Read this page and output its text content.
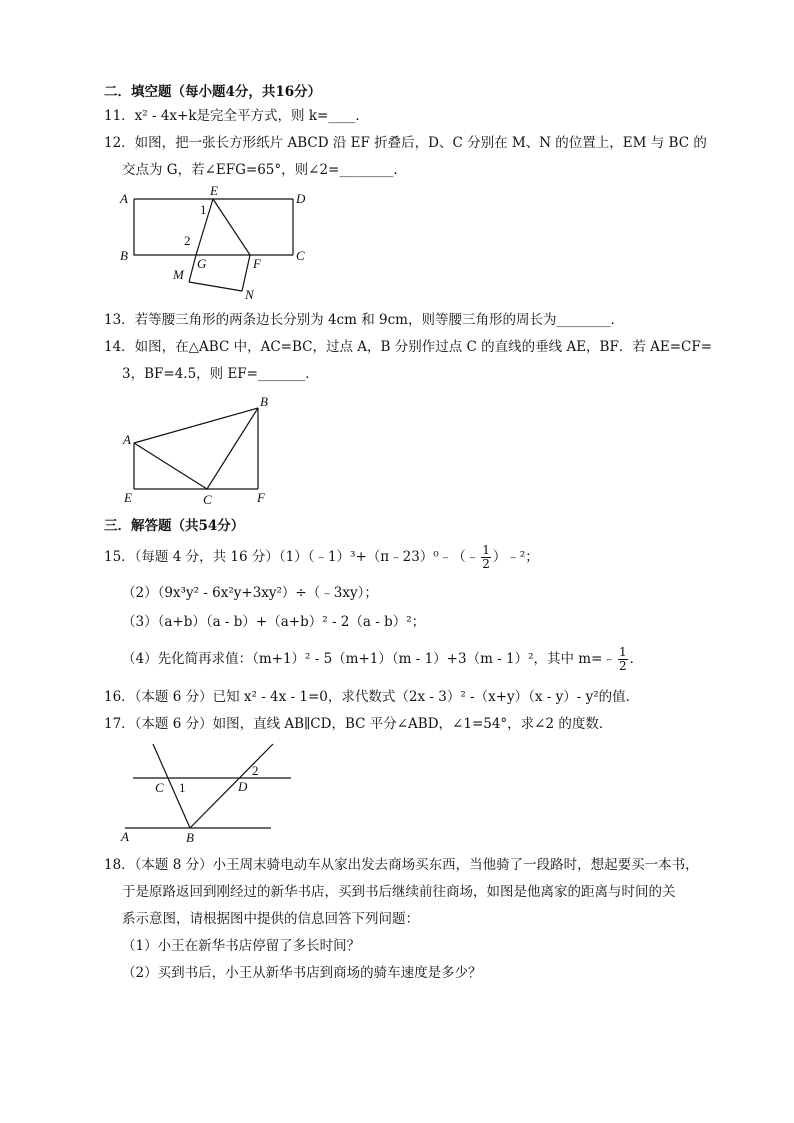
二．填空题（每小题4分，共16分）
11．x² - 4x+k是完全平方式，则 k=____．
12．如图，把一张长方形纸片 ABCD 沿 EF 折叠后，D、C 分别在 M、N 的位置上，EM 与 BC 的
交点为 G，若∠EFG=65°，则∠2=________．
A
B	C
D
E
F
G
M
N
1
2
13．若等腰三角形的两条边长分别为 4cm 和 9cm，则等腰三角形的周长为________．
14．如图，在△ABC 中，AC=BC，过点 A，B 分别作过点 C 的直线的垂线 AE，BF．若 AE=CF=
3，BF=4.5，则 EF=_______．
A
B
C
E	F
三．解答题（共54分）
15．（每题 4 分，共 16 分）（1）（﹣1）³+（π﹣23）⁰﹣（﹣ $\frac{1}{2}$ ）﹣²；
（2）（9x³y² - 6x²y+3xy²）÷（﹣3xy）；
（3）（a+b）（a - b）+（a+b）² - 2（a - b）²；
（4）先化简再求值：（m+1）² - 5（m+1）（m - 1）+3（m - 1）²，其中 m=﹣ $\frac{1}{2}$ ．
16．（本题 6 分）已知 x² - 4x - 1=0，求代数式（2x - 3）² -（x+y）（x - y）- y²的值．
17．（本题 6 分）如图，直线 AB∥CD，BC 平分∠ABD，∠1=54°，求∠2 的度数．
C	D
A	B
1
2
18．（本题 8 分）小王周末骑电动车从家出发去商场买东西，当他骑了一段路时，想起要买一本书，
于是原路返回到刚经过的新华书店，买到书后继续前往商场，如图是他离家的距离与时间的关
系示意图，请根据图中提供的信息回答下列问题：
（1）小王在新华书店停留了多长时间？
（2）买到书后，小王从新华书店到商场的骑车速度是多少？
